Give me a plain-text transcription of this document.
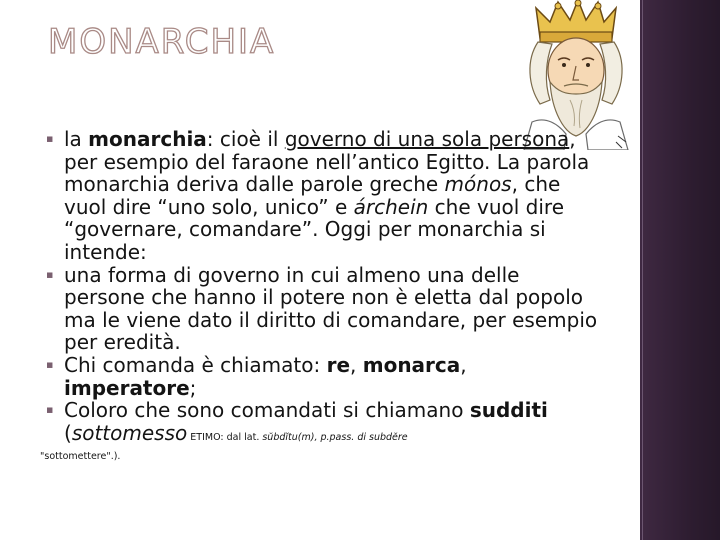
MONARCHIA
▪ la monarchia: cioè il governo di una sola persona, per esempio del faraone nell’antico Egitto. La parola monarchia deriva dalle parole greche mónos, che vuol dire “uno solo, unico” e árchein che vuol dire “governare, comandare”. Oggi per monarchia si intende:
▪ una forma di governo in cui almeno una delle persone che hanno il potere non è eletta dal popolo ma le viene dato il diritto di comandare, per esempio per eredità.
▪ Chi comanda è chiamato: re, monarca, imperatore;
▪ Coloro che sono comandati si chiamano sudditi (sottomesso ETIMO: dal lat. sŭbdĭtu(m), p.pass. di subdĕre
"sottomettere".).
